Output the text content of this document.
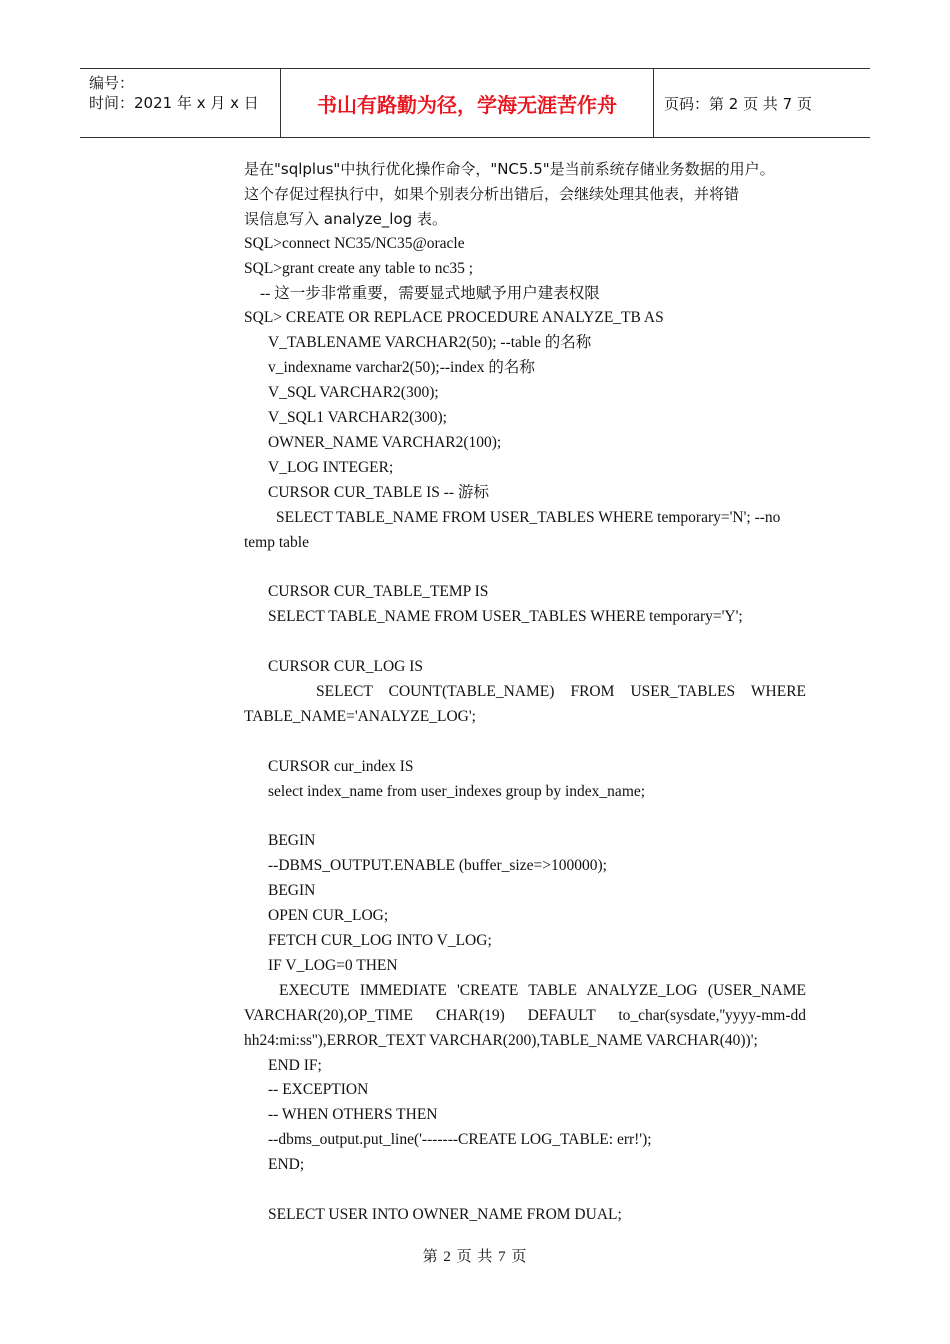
编号：
时间：2021 年 x 月 x 日	书山有路勤为径，学海无涯苦作舟	页码：第 2 页 共 7 页

是在"sqlplus"中执行优化操作命令，"NC5.5"是当前系统存储业务数据的用户。

这个存促过程执行中，如果个别表分析出错后，会继续处理其他表，并将错

误信息写入 analyze_log 表。

SQL>connect NC35/NC35@oracle

SQL>grant create any table to nc35 ;

-- 这一步非常重要，需要显式地赋予用户建表权限

SQL> CREATE OR REPLACE PROCEDURE ANALYZE_TB AS

V_TABLENAME VARCHAR2(50); --table 的名称

v_indexname varchar2(50);--index 的名称

V_SQL VARCHAR2(300);

V_SQL1 VARCHAR2(300);

OWNER_NAME VARCHAR2(100);

V_LOG INTEGER;

CURSOR CUR_TABLE IS -- 游标

SELECT TABLE_NAME FROM USER_TABLES WHERE temporary='N'; --no temp table

CURSOR CUR_TABLE_TEMP IS

SELECT TABLE_NAME FROM USER_TABLES WHERE temporary='Y';

CURSOR CUR_LOG IS

SELECT COUNT(TABLE_NAME) FROM USER_TABLES WHERE TABLE_NAME='ANALYZE_LOG';

CURSOR cur_index IS

select index_name from user_indexes group by index_name;

BEGIN

--DBMS_OUTPUT.ENABLE (buffer_size=>100000);

BEGIN

OPEN CUR_LOG;

FETCH CUR_LOG INTO V_LOG;

IF V_LOG=0 THEN

EXECUTE IMMEDIATE 'CREATE TABLE ANALYZE_LOG (USER_NAME VARCHAR(20),OP_TIME CHAR(19) DEFAULT to_char(sysdate,''yyyy-mm-dd hh24:mi:ss''),ERROR_TEXT VARCHAR(200),TABLE_NAME VARCHAR(40))';

END IF;

-- EXCEPTION

-- WHEN OTHERS THEN

--dbms_output.put_line('-------CREATE LOG_TABLE: err!');

END;

SELECT USER INTO OWNER_NAME FROM DUAL;

第 2 页 共 7 页
